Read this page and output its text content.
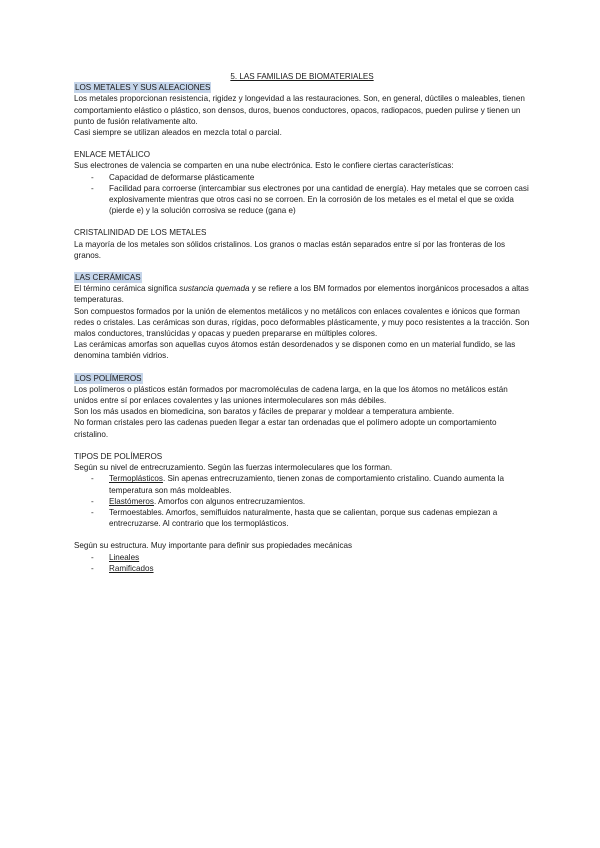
5. LAS FAMILIAS DE BIOMATERIALES

LOS METALES Y SUS ALEACIONES

Los metales proporcionan resistencia, rigidez y longevidad a las restauraciones. Son, en general, dúctiles o maleables, tienen comportamiento elástico o plástico, son densos, duros, buenos conductores, opacos, radiopacos, pueden pulirse y tienen un punto de fusión relativamente alto.

Casi siempre se utilizan aleados en mezcla total o parcial.

ENLACE METÁLICO

Sus electrones de valencia se comparten en una nube electrónica. Esto le confiere ciertas características:

- Capacidad de deformarse plásticamente
- Facilidad para corroerse (intercambiar sus electrones por una cantidad de energía). Hay metales que se corroen casi explosivamente mientras que otros casi no se corroen. En la corrosión de los metales es el metal el que se oxida (pierde e) y la solución corrosiva se reduce (gana e)

CRISTALINIDAD DE LOS METALES

La mayoría de los metales son sólidos cristalinos. Los granos o maclas están separados entre sí por las fronteras de los granos.

LAS CERÁMICAS

El término cerámica significa sustancia quemada y se refiere a los BM formados por elementos inorgánicos procesados a altas temperaturas.

Son compuestos formados por la unión de elementos metálicos y no metálicos con enlaces covalentes e iónicos que forman redes o cristales. Las cerámicas son duras, rígidas, poco deformables plásticamente, y muy poco resistentes a la tracción. Son malos conductores, translúcidas y opacas y pueden prepararse en múltiples colores.

Las cerámicas amorfas son aquellas cuyos átomos están desordenados y se disponen como en un material fundido, se las denomina también vidrios.

LOS POLÍMEROS

Los polímeros o plásticos están formados por macromoléculas de cadena larga, en la que los átomos no metálicos están unidos entre sí por enlaces covalentes y las uniones intermoleculares son más débiles.

Son los más usados en biomedicina, son baratos y fáciles de preparar y moldear a temperatura ambiente.

No forman cristales pero las cadenas pueden llegar a estar tan ordenadas que el polímero adopte un comportamiento cristalino.

TIPOS DE POLÍMEROS

Según su nivel de entrecruzamiento. Según las fuerzas intermoleculares que los forman.

- Termoplásticos. Sin apenas entrecruzamiento, tienen zonas de comportamiento cristalino. Cuando aumenta la temperatura son más moldeables.
- Elastómeros. Amorfos con algunos entrecruzamientos.
- Termoestables. Amorfos, semifluidos naturalmente, hasta que se calientan, porque sus cadenas empiezan a entrecruzarse. Al contrario que los termoplásticos.

Según su estructura. Muy importante para definir sus propiedades mecánicas

- Lineales
- Ramificados
